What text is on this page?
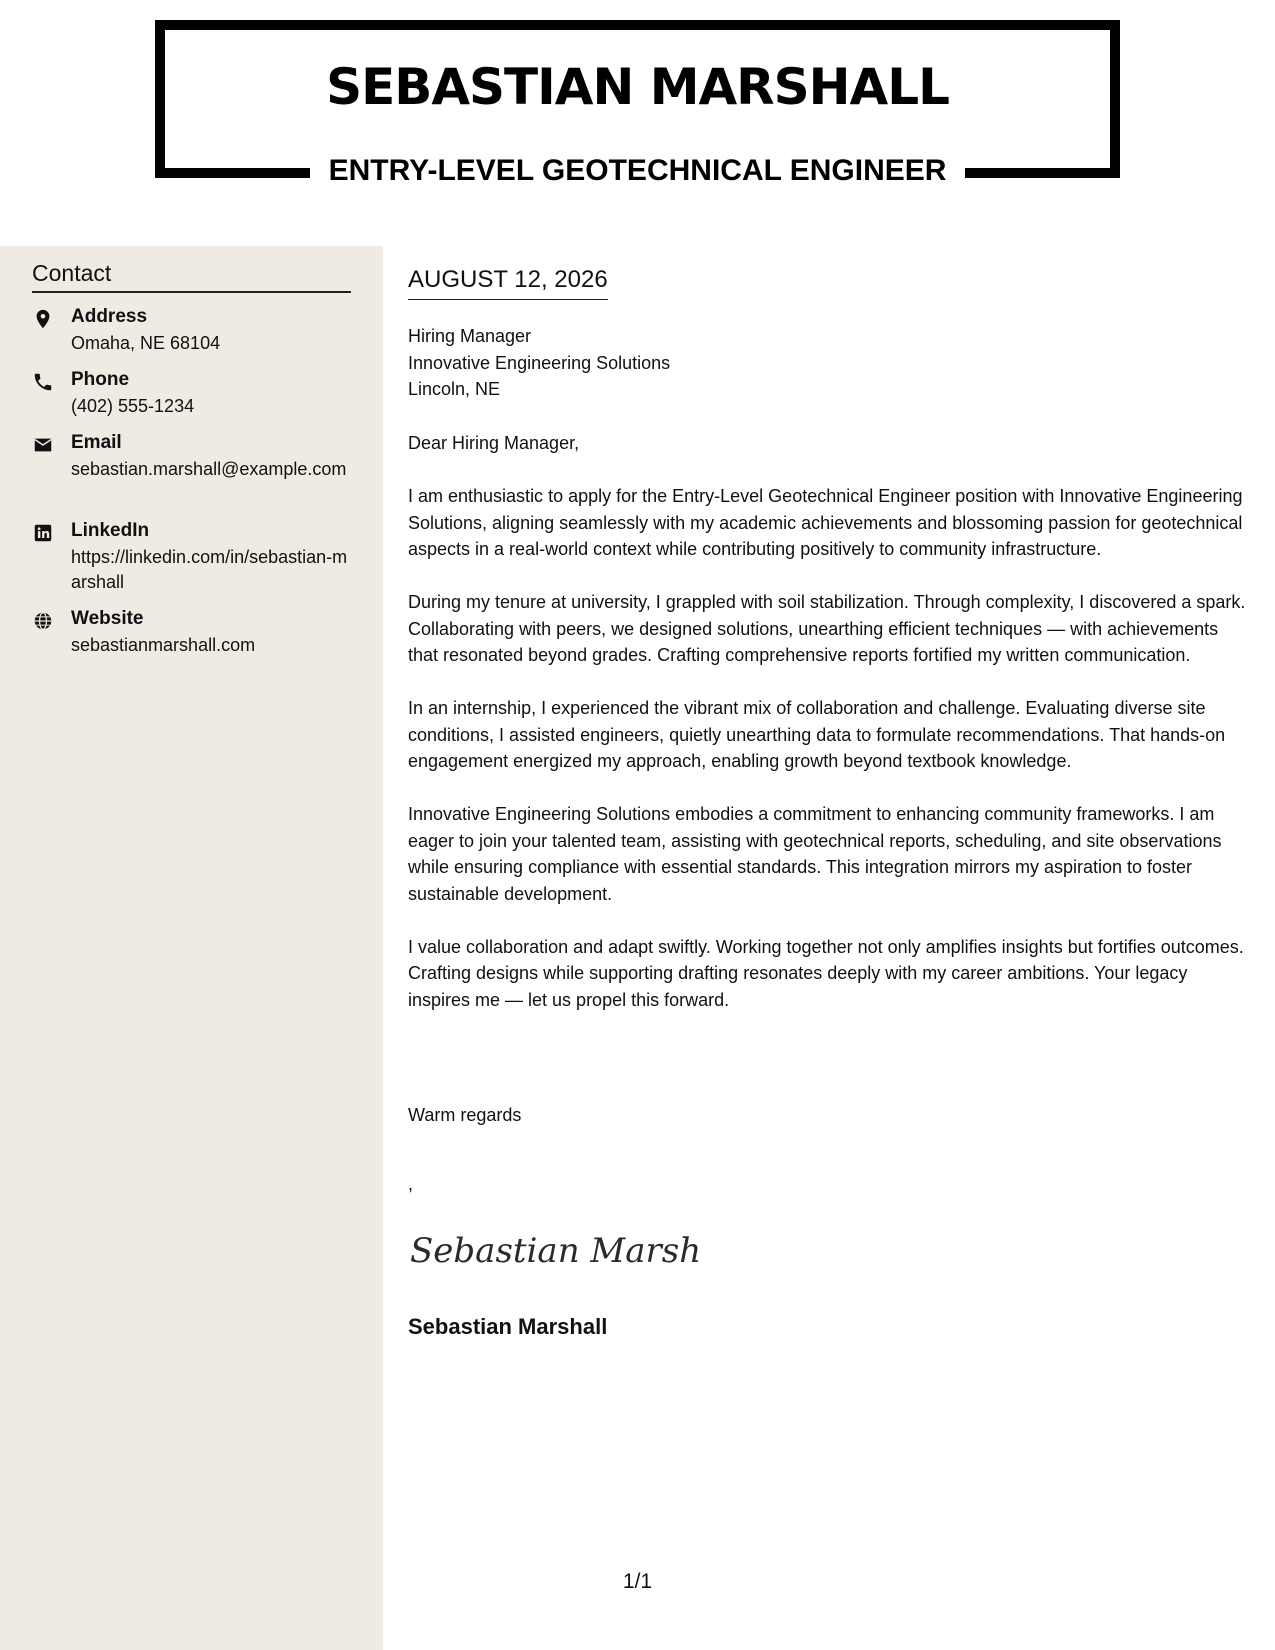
SEBASTIAN MARSHALL
ENTRY-LEVEL GEOTECHNICAL ENGINEER
Contact
Address
Omaha, NE 68104
Phone
(402) 555-1234
Email
sebastian.marshall@example.com
LinkedIn
https://linkedin.com/in/sebastian-marshall
Website
sebastianmarshall.com
AUGUST 12, 2026
Hiring Manager
Innovative Engineering Solutions
Lincoln, NE
Dear Hiring Manager,

I am enthusiastic to apply for the Entry-Level Geotechnical Engineer position with Innovative Engineering Solutions, aligning seamlessly with my academic achievements and blossoming passion for geotechnical aspects in a real-world context while contributing positively to community infrastructure.

During my tenure at university, I grappled with soil stabilization. Through complexity, I discovered a spark. Collaborating with peers, we designed solutions, unearthing efficient techniques — with achievements that resonated beyond grades. Crafting comprehensive reports fortified my written communication.

In an internship, I experienced the vibrant mix of collaboration and challenge. Evaluating diverse site conditions, I assisted engineers, quietly unearthing data to formulate recommendations. That hands-on engagement energized my approach, enabling growth beyond textbook knowledge.

Innovative Engineering Solutions embodies a commitment to enhancing community frameworks. I am eager to join your talented team, assisting with geotechnical reports, scheduling, and site observations while ensuring compliance with essential standards. This integration mirrors my aspiration to foster sustainable development.

I value collaboration and adapt swiftly. Working together not only amplifies insights but fortifies outcomes. Crafting designs while supporting drafting resonates deeply with my career ambitions. Your legacy inspires me — let us propel this forward.

Warm regards
,
Sebastian Marsh
Sebastian Marshall
1/1
